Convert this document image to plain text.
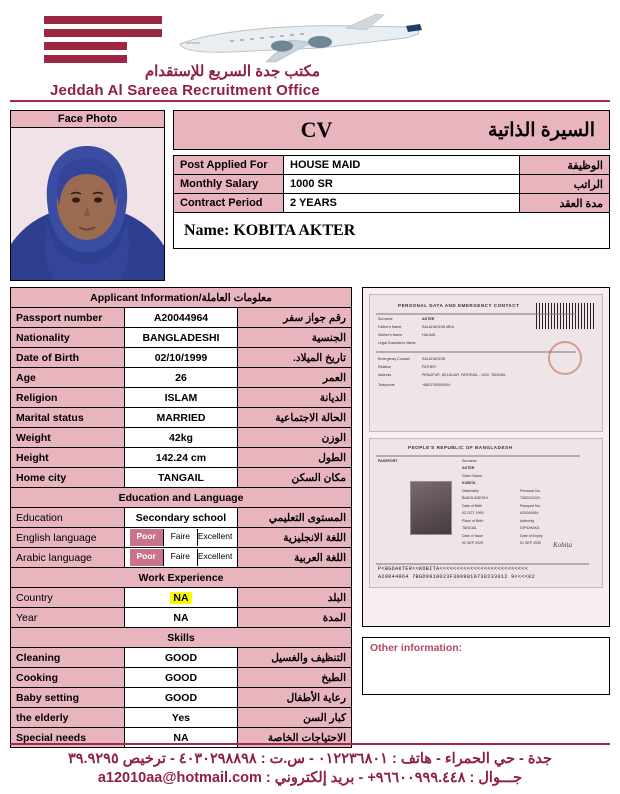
مكتب جدة السريع للإستقدام
Jeddah Al Sareea Recruitment Office
Face Photo	CV	السيرة الذاتية
Post Applied For	HOUSE MAID	الوظيفة
Monthly Salary	1000 SR	الراتب
Contract Period	2 YEARS	مدة العقد
Name: KOBITA AKTER
Applicant Information/معلومات العاملة		
Passport number	A20044964	رقم جواز سفر
Nationality	BANGLADESHI	الجنسية
Date of Birth	02/10/1999	تاريخ الميلاد.
Age	26	العمر
Religion	ISLAM	الديانة
Marital status	MARRIED	الحالة الاجتماعية
Weight	42kg	الوزن
Height	142.24 cm	الطول
Home city	TANGAIL	مكان السكن
Education and Language		
Education	Secondary school	المستوى التعليمي
English language	Poor Faire Excellent	اللغة الانجليزية
Arabic language	Poor Faire Excellent	اللغة العربية
Work Experience		
Country	NA	البلد
Year	NA	المدة
Skills		
Cleaning	GOOD	التنظيف والغسيل
Cooking	GOOD	الطبخ
Baby setting	GOOD	رعاية الأطفال
the elderly	Yes	كبار السن
Special needs	NA	الاحتياجات الخاصة
PERSONAL DATA AND EMERGENCY CONTACT
Surname	AKTER
Father's Name	SALAHUDDIN MEA
Mother's Name	HALIMA
Legal Guardian's Name
Emergency Contact	SALAHUDDIN
Relation	FATHER
Address	PIRAJPUR, DELDUAR, PATHRAIL - 1910, TANGAIL
Telephone	+8801700000094
PEOPLE'S REPUBLIC OF BANGLADESH
PASSPORT	Surname
AKTER
Given Name
KOBITA
Nationality
BANGLADESHI
Personal No.
7382310129
Date of Birth
02 OCT 1999
Passport No.
A20044964
Place of Birth
TANGAIL
Authority
DIP/DHAKA
Date of Issue
02 SEP 2020
Date of Expiry
01 SEP 2030 Kobita
P<BGDAKTER<<KOBITA<<<<<<<<<<<<<<<<<<<<<<<<<<
A20044964 7BGD9910023F3009010738233012 9<<<<02
Other information:
جدة - حي الحمراء - هاتف : ٠١٢٢٣٦٨٠١ - س.ت : ٤٠٣٠٢٩٨٨٩٨ - ترخيص ٣٩.٩٢٩٥
جـــوال : ٩٦٦٠٠٩٩٩.٤٤٨+ - بريد إلكتروني : a12010aa@hotmail.com
